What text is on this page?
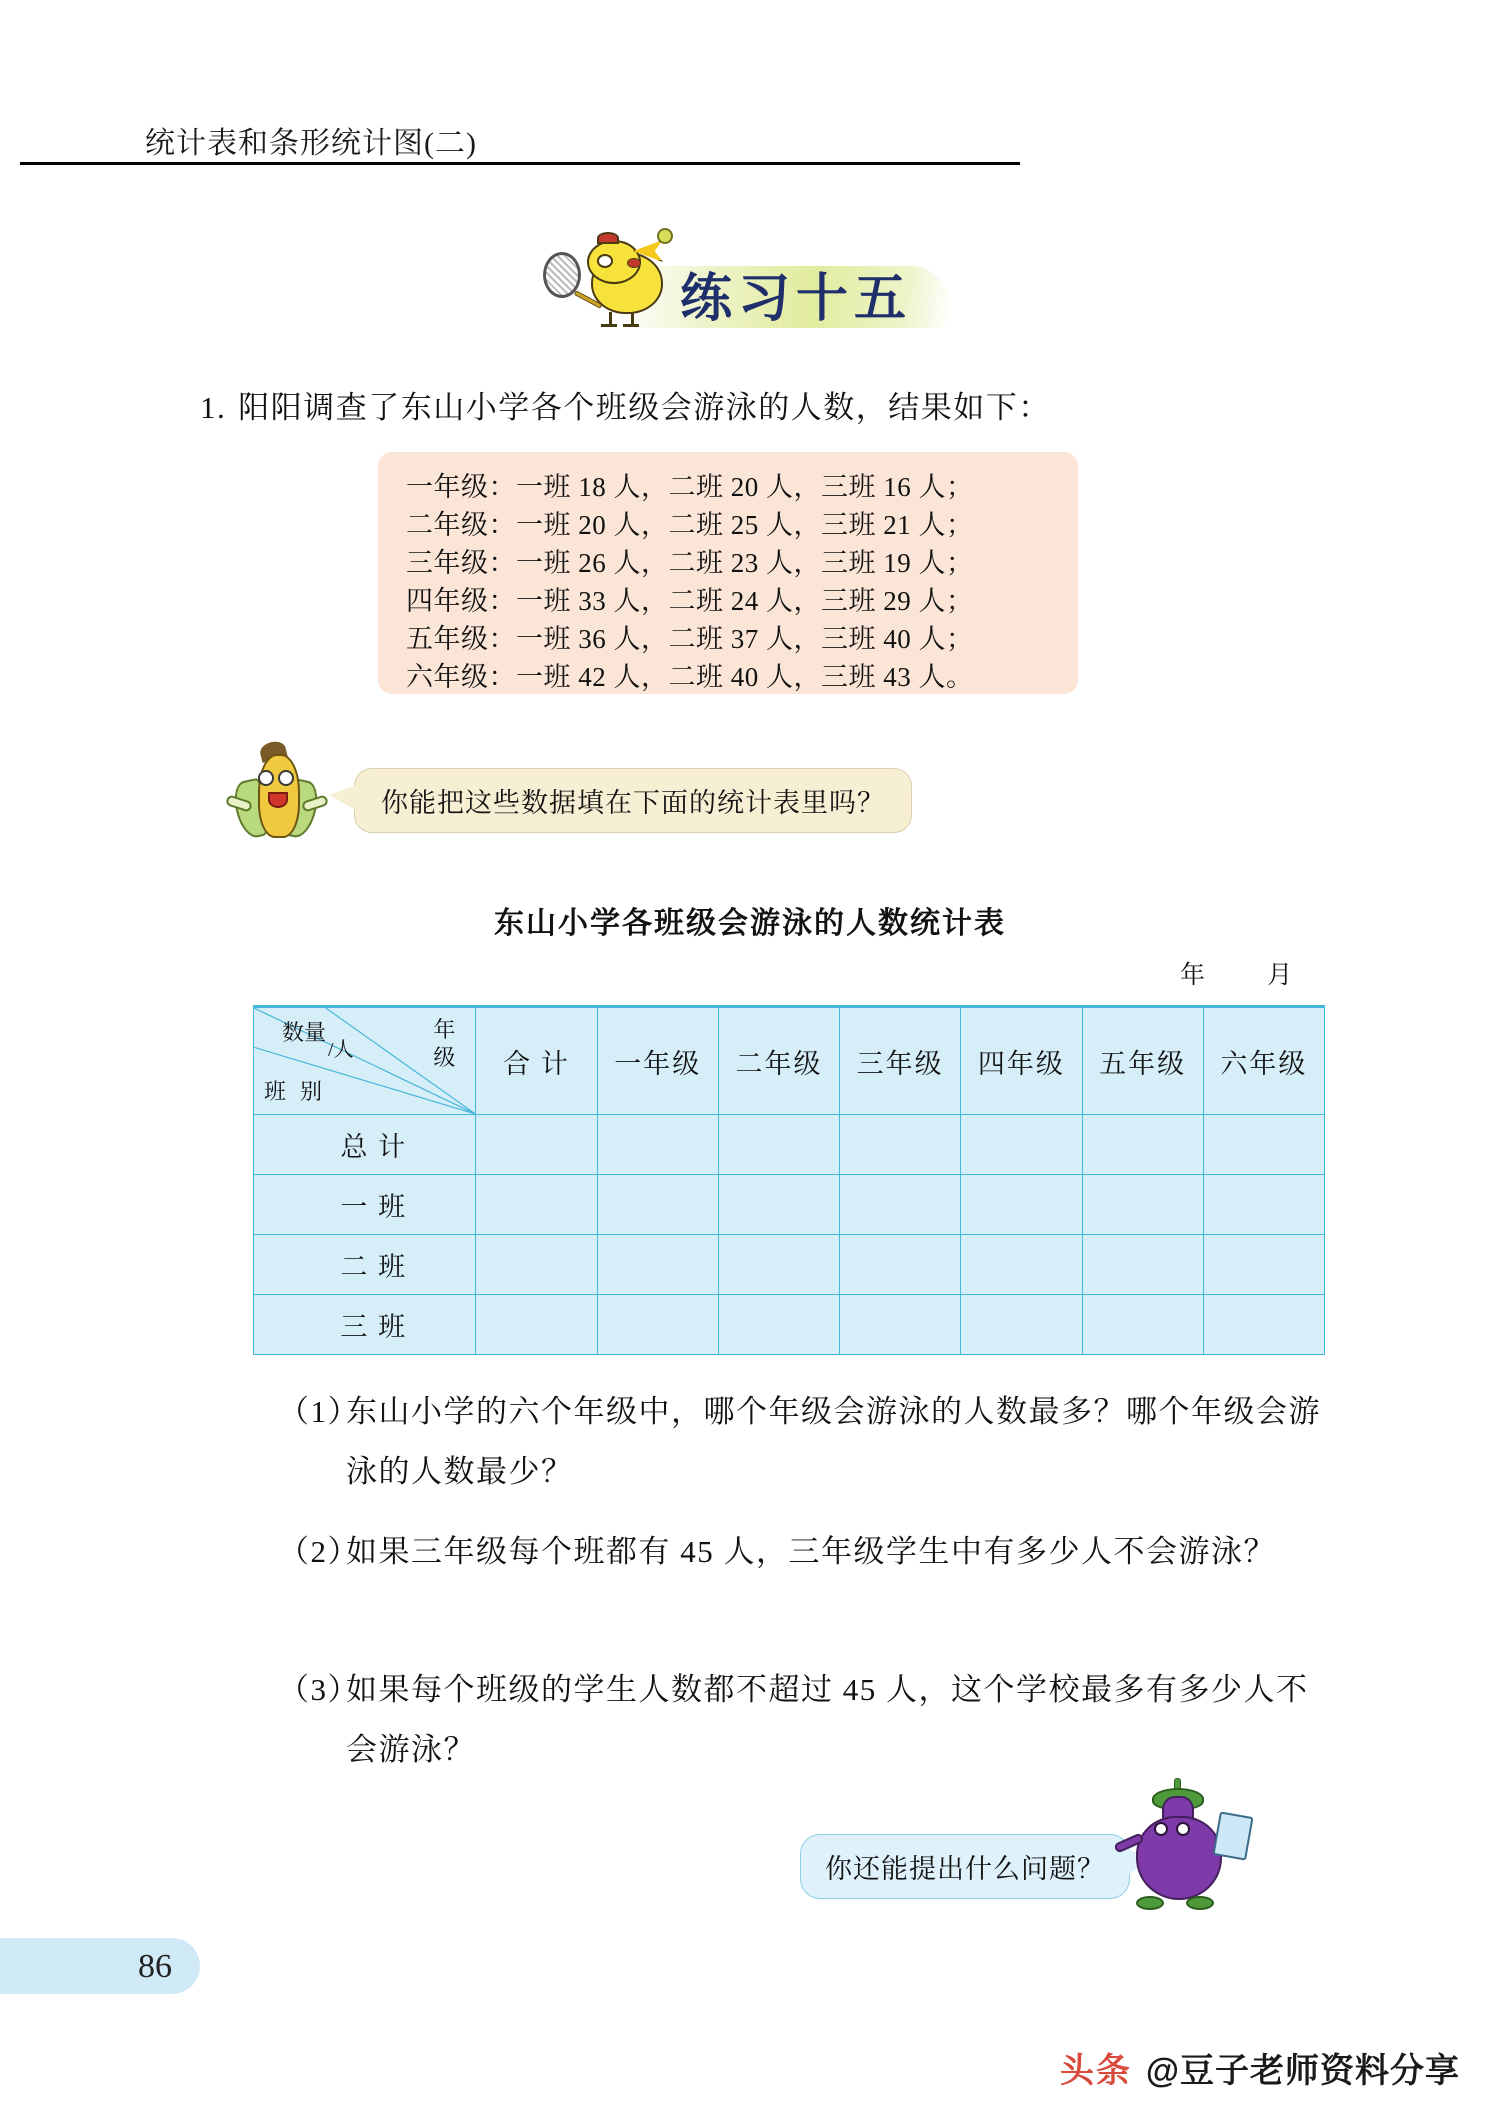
统计表和条形统计图(二)
练习十五
1. 阳阳调查了东山小学各个班级会游泳的人数，结果如下：
一年级：一班 18 人，二班 20 人，三班 16 人；
二年级：一班 20 人，二班 25 人，三班 21 人；
三年级：一班 26 人，二班 23 人，三班 19 人；
四年级：一班 33 人，二班 24 人，三班 29 人；
五年级：一班 36 人，二班 37 人，三班 40 人；
六年级：一班 42 人，二班 40 人，三班 43 人。
你能把这些数据填在下面的统计表里吗？
东山小学各班级会游泳的人数统计表
年 月
数量/人
年
级
班别	合 计	一年级	二年级	三年级	四年级	五年级	六年级
总 计							
一 班							
二 班							
三 班							
（1）
东山小学的六个年级中，哪个年级会游泳的人数最多？哪个年级会游泳的人数最少？
（2）
如果三年级每个班都有 45 人，三年级学生中有多少人不会游泳？
（3）
如果每个班级的学生人数都不超过 45 人，这个学校最多有多少人不会游泳？
你还能提出什么问题？
86
头条 @豆子老师资料分享
